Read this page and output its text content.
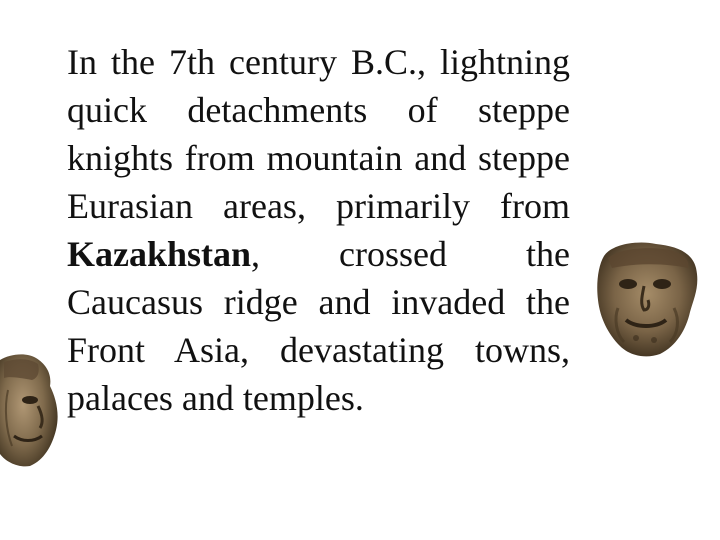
In the 7th century B.C., lightning quick detachments of steppe knights from mountain and steppe Eurasian areas, primarily from Kazakhstan, crossed the Caucasus ridge and invaded the Front Asia, devastating towns, palaces and temples.
